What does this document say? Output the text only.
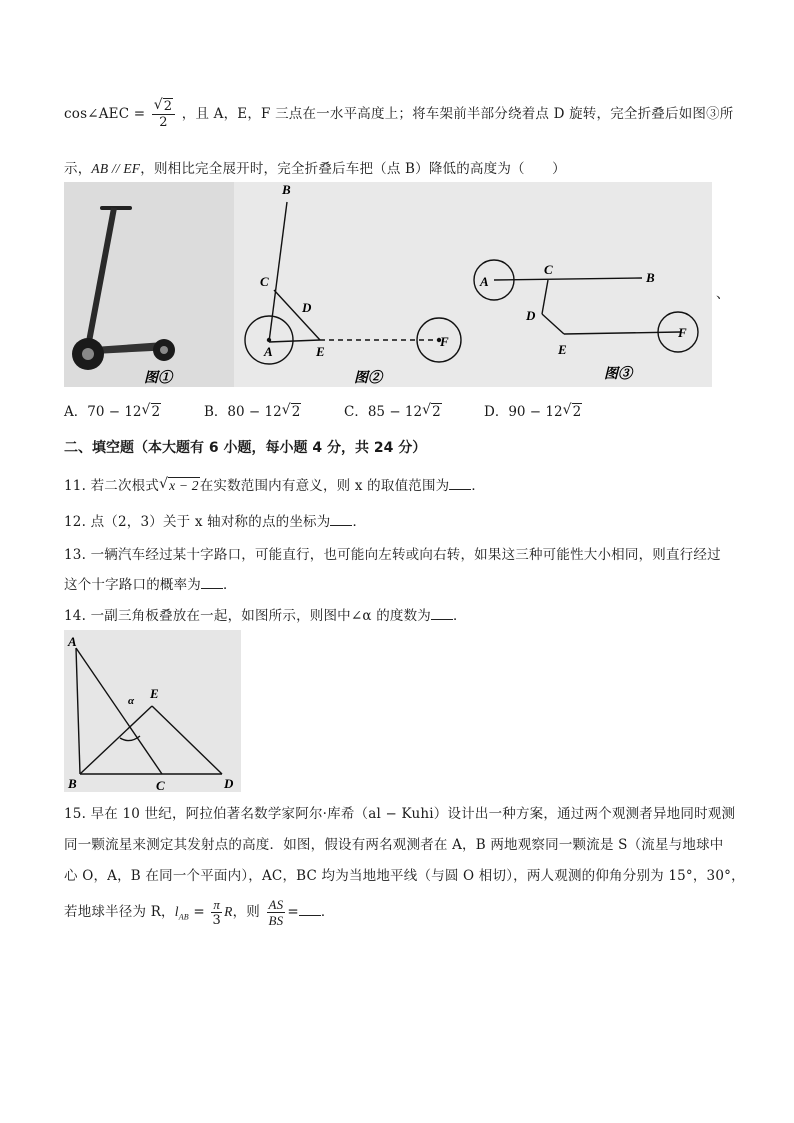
cos∠AEC = √ $\frac{2}{2}$ ，且 A，E，F 三点在一水平高度上；将车架前半部分绕着点 D 旋转，完全折叠后如图③所
示，AB // EF，则相比完全展开时，完全折叠后车把（点 B）降低的高度为（　　）
图①
B
C
D
A	E
F
图②
A
C
B
D
E
F
图③
、
A．70 − 12 √ 2	B．80 − 12 √ 2	C．85 − 12 √ 2	D．90 − 12 √ 2
二、填空题（本大题有 6 小题，每小题 4 分，共 24 分）
11. 若二次根式 √ x − 2在实数范围内有意义，则 x 的取值范围为 ．
12. 点（2，3）关于 x 轴对称的点的坐标为 ．
13. 一辆汽车经过某十字路口，可能直行，也可能向左转或向右转，如果这三种可能性大小相同，则直行经过
这个十字路口的概率为 ．
14. 一副三角板叠放在一起，如图所示，则图中∠α 的度数为 ．
A
E
α
B	C	D
15. 早在 10 世纪，阿拉伯著名数学家阿尔·库希（al − Kuhi）设计出一种方案，通过两个观测者异地同时观测
同一颗流星来测定其发射点的高度．如图，假设有两名观测者在 A，B 两地观察同一颗流是 S（流星与地球中
心 O，A，B 在同一个平面内），AC，BC 均为当地地平线（与圆 O 相切），两人观测的仰角分别为 15°，30°，
若地球半径为 R，$l_{AB} = \frac{\pi}{3}$ R，则 $\frac{AS}{BS}$ = ．
